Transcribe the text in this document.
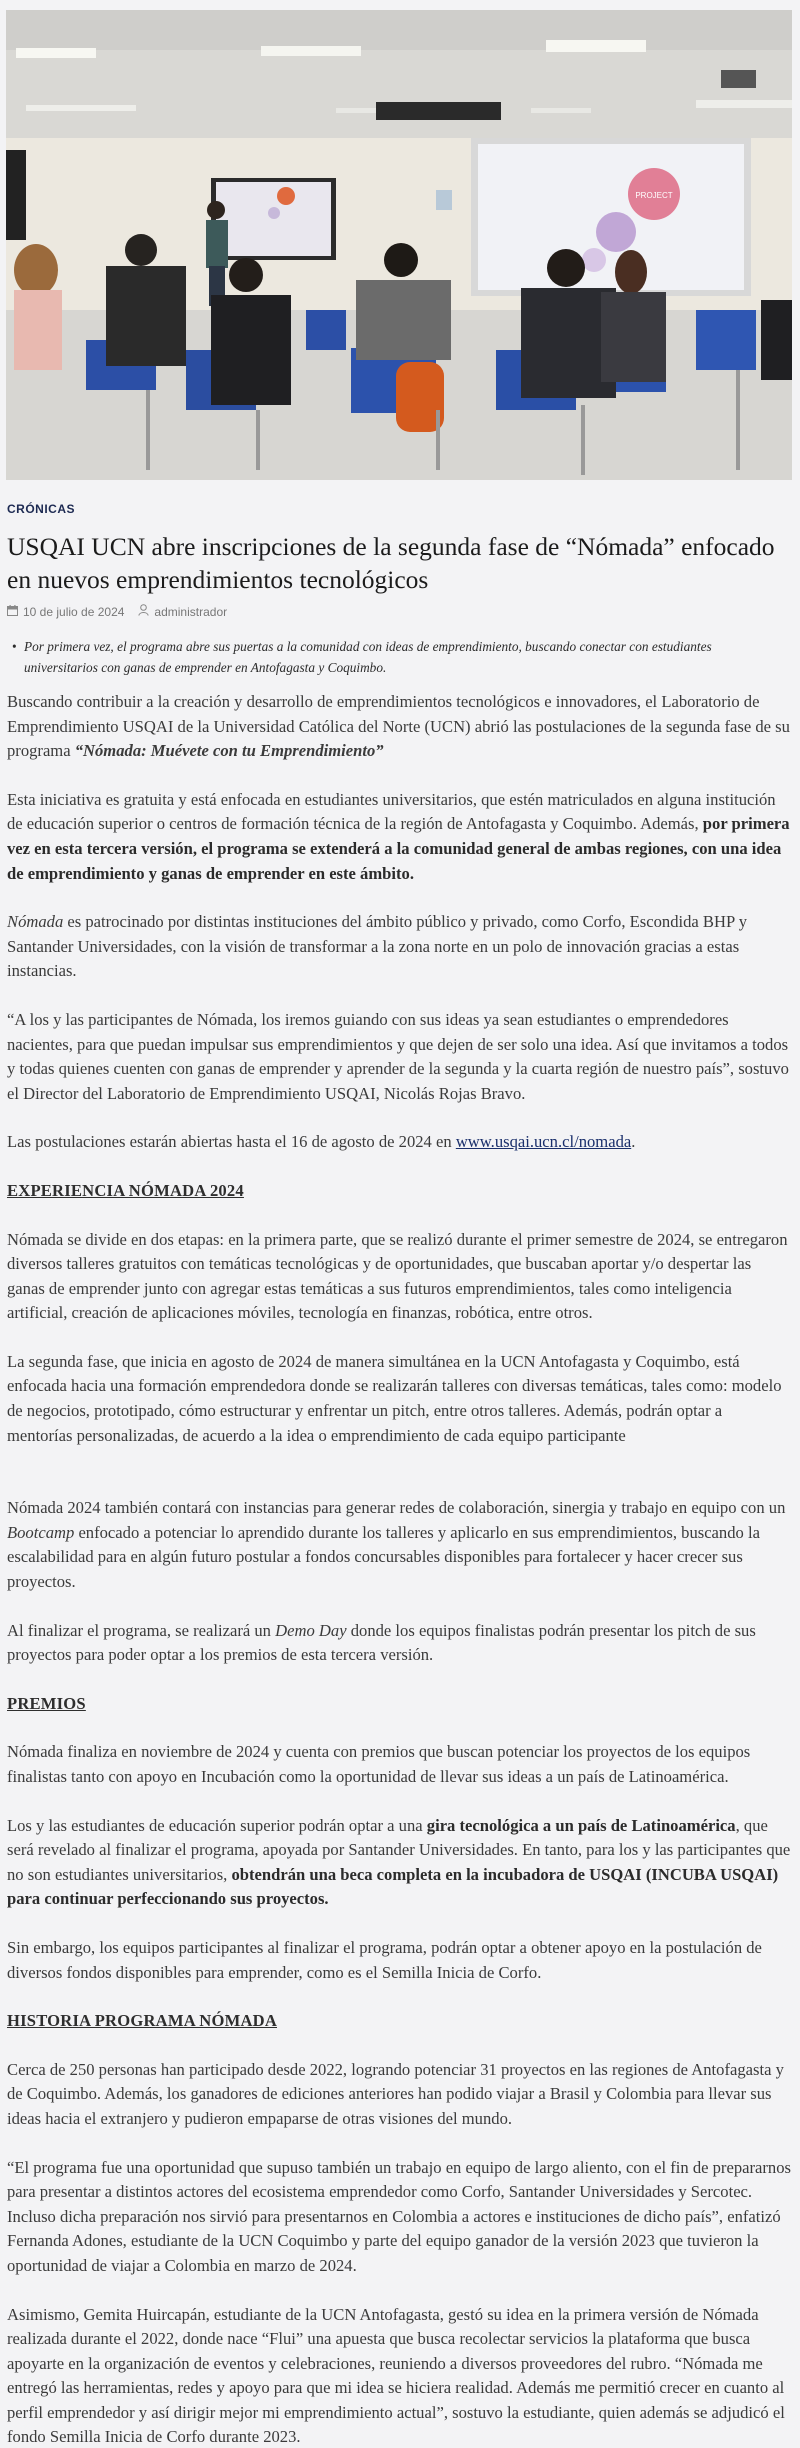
PROJECT
CRÓNICAS
USQAI UCN abre inscripciones de la segunda fase de “Nómada” enfocado en nuevos emprendimientos tecnológicos
10 de julio de 2024	administrador

• Por primera vez, el programa abre sus puertas a la comunidad con ideas de emprendimiento, buscando conectar con estudiantes universitarios con ganas de emprender en Antofagasta y Coquimbo.

Buscando contribuir a la creación y desarrollo de emprendimientos tecnológicos e innovadores, el Laboratorio de Emprendimiento USQAI de la Universidad Católica del Norte (UCN) abrió las postulaciones de la segunda fase de su programa “Nómada: Muévete con tu Emprendimiento”

Esta iniciativa es gratuita y está enfocada en estudiantes universitarios, que estén matriculados en alguna institución de educación superior o centros de formación técnica de la región de Antofagasta y Coquimbo. Además, por primera vez en esta tercera versión, el programa se extenderá a la comunidad general de ambas regiones, con una idea de emprendimiento y ganas de emprender en este ámbito.

Nómada es patrocinado por distintas instituciones del ámbito público y privado, como Corfo, Escondida BHP y Santander Universidades, con la visión de transformar a la zona norte en un polo de innovación gracias a estas instancias.

“A los y las participantes de Nómada, los iremos guiando con sus ideas ya sean estudiantes o emprendedores nacientes, para que puedan impulsar sus emprendimientos y que dejen de ser solo una idea. Así que invitamos a todos y todas quienes cuenten con ganas de emprender y aprender de la segunda y la cuarta región de nuestro país”, sostuvo el Director del Laboratorio de Emprendimiento USQAI, Nicolás Rojas Bravo.

Las postulaciones estarán abiertas hasta el 16 de agosto de 2024 en www.usqai.ucn.cl/nomada.

EXPERIENCIA NÓMADA 2024

Nómada se divide en dos etapas: en la primera parte, que se realizó durante el primer semestre de 2024, se entregaron diversos talleres gratuitos con temáticas tecnológicas y de oportunidades, que buscaban aportar y/o despertar las ganas de emprender junto con agregar estas temáticas a sus futuros emprendimientos, tales como inteligencia artificial, creación de aplicaciones móviles, tecnología en finanzas, robótica, entre otros.

La segunda fase, que inicia en agosto de 2024 de manera simultánea en la UCN Antofagasta y Coquimbo, está enfocada hacia una formación emprendedora donde se realizarán talleres con diversas temáticas, tales como: modelo de negocios, prototipado, cómo estructurar y enfrentar un pitch, entre otros talleres. Además, podrán optar a mentorías personalizadas, de acuerdo a la idea o emprendimiento de cada equipo participante

Nómada 2024 también contará con instancias para generar redes de colaboración, sinergia y trabajo en equipo con un Bootcamp enfocado a potenciar lo aprendido durante los talleres y aplicarlo en sus emprendimientos, buscando la escalabilidad para en algún futuro postular a fondos concursables disponibles para fortalecer y hacer crecer sus proyectos.

Al finalizar el programa, se realizará un Demo Day donde los equipos finalistas podrán presentar los pitch de sus proyectos para poder optar a los premios de esta tercera versión.

PREMIOS

Nómada finaliza en noviembre de 2024 y cuenta con premios que buscan potenciar los proyectos de los equipos finalistas tanto con apoyo en Incubación como la oportunidad de llevar sus ideas a un país de Latinoamérica.

Los y las estudiantes de educación superior podrán optar a una gira tecnológica a un país de Latinoamérica, que será revelado al finalizar el programa, apoyada por Santander Universidades. En tanto, para los y las participantes que no son estudiantes universitarios, obtendrán una beca completa en la incubadora de USQAI (INCUBA USQAI) para continuar perfeccionando sus proyectos.

Sin embargo, los equipos participantes al finalizar el programa, podrán optar a obtener apoyo en la postulación de diversos fondos disponibles para emprender, como es el Semilla Inicia de Corfo.

HISTORIA PROGRAMA NÓMADA

Cerca de 250 personas han participado desde 2022, logrando potenciar 31 proyectos en las regiones de Antofagasta y de Coquimbo. Además, los ganadores de ediciones anteriores han podido viajar a Brasil y Colombia para llevar sus ideas hacia el extranjero y pudieron empaparse de otras visiones del mundo.

“El programa fue una oportunidad que supuso también un trabajo en equipo de largo aliento, con el fin de prepararnos para presentar a distintos actores del ecosistema emprendedor como Corfo, Santander Universidades y Sercotec. Incluso dicha preparación nos sirvió para presentarnos en Colombia a actores e instituciones de dicho país”, enfatizó Fernanda Adones, estudiante de la UCN Coquimbo y parte del equipo ganador de la versión 2023 que tuvieron la oportunidad de viajar a Colombia en marzo de 2024.

Asimismo, Gemita Huircapán, estudiante de la UCN Antofagasta, gestó su idea en la primera versión de Nómada realizada durante el 2022, donde nace “Flui” una apuesta que busca recolectar servicios la plataforma que busca apoyarte en la organización de eventos y celebraciones, reuniendo a diversos proveedores del rubro. “Nómada me entregó las herramientas, redes y apoyo para que mi idea se hiciera realidad. Además me permitió crecer en cuanto al perfil emprendedor y así dirigir mejor mi emprendimiento actual”, sostuvo la estudiante, quien además se adjudicó el fondo Semilla Inicia de Corfo durante 2023.
